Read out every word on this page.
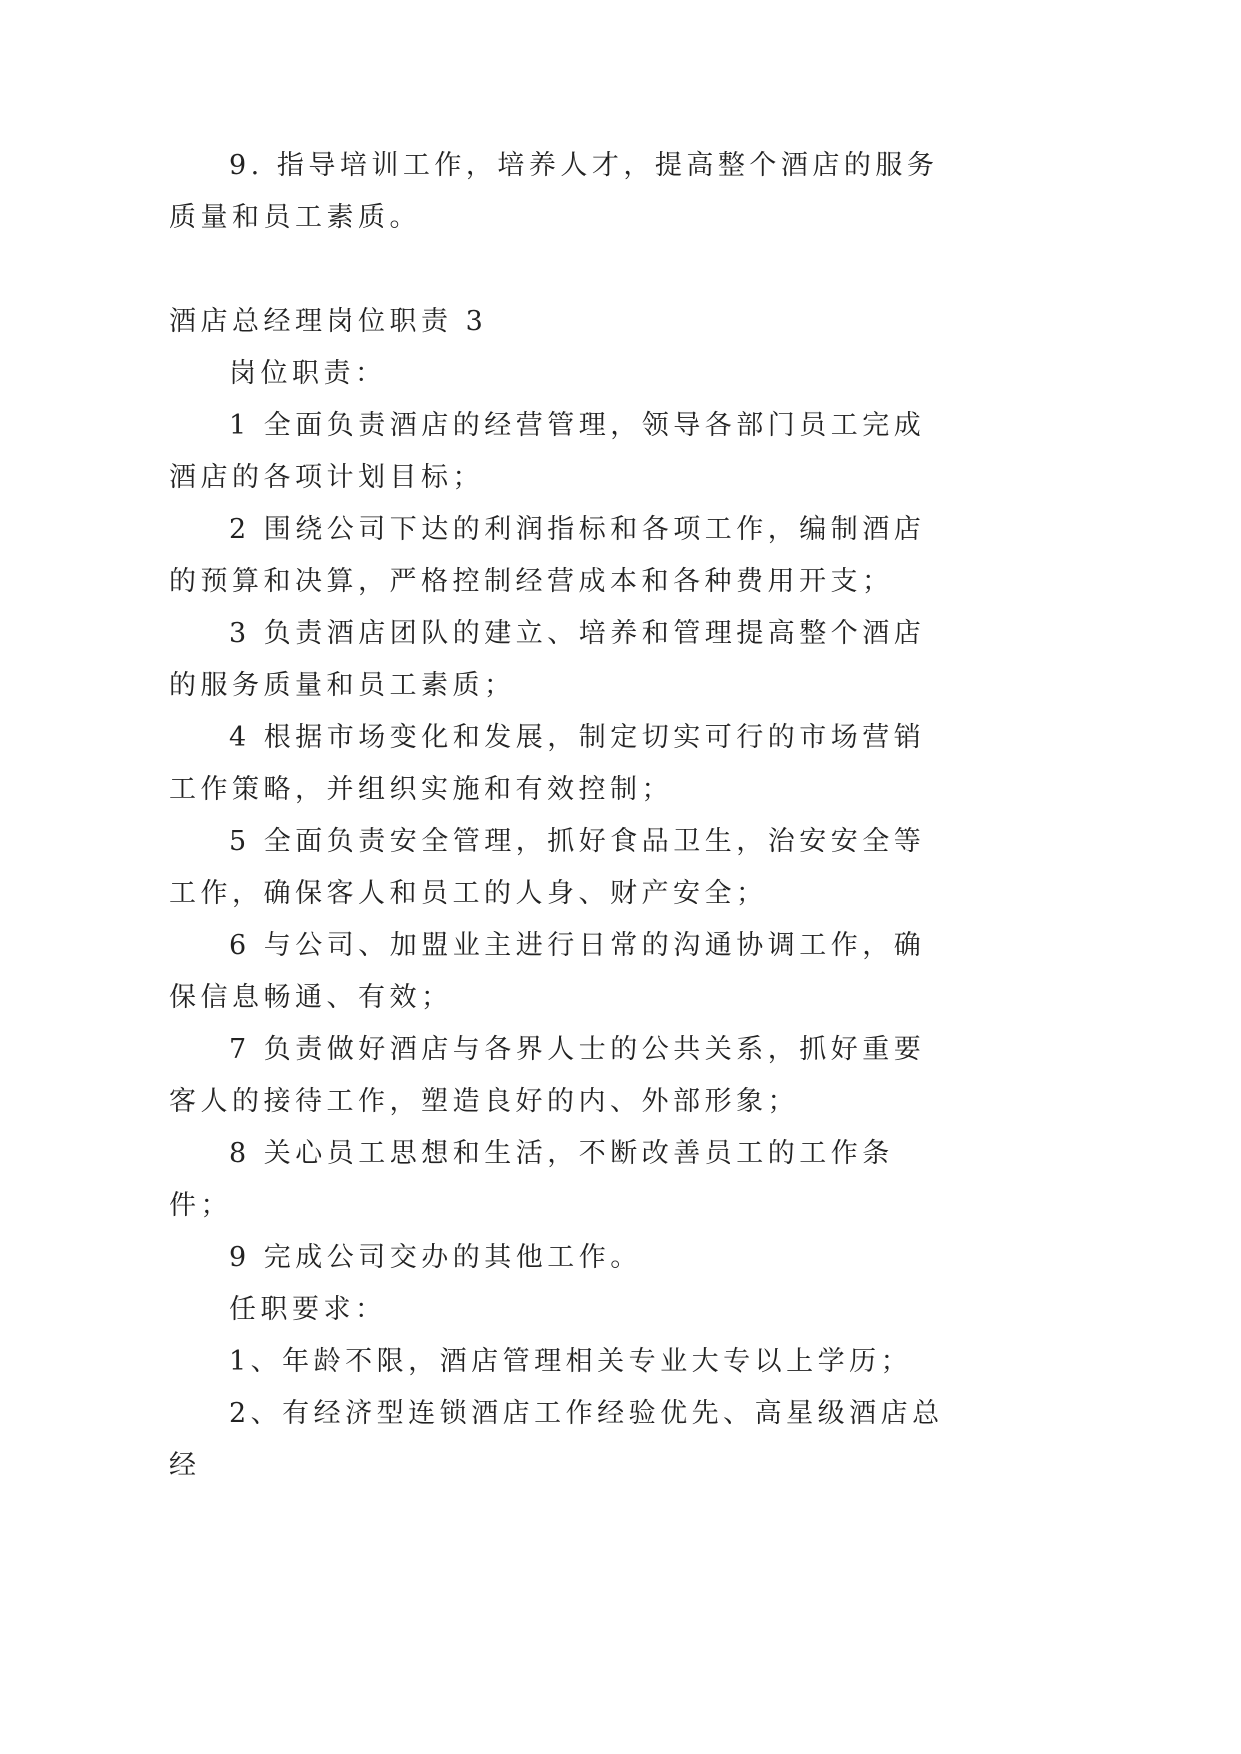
9. 指导培训工作，培养人才，提高整个酒店的服务质量和员工素质。

酒店总经理岗位职责 3

岗位职责：

1 全面负责酒店的经营管理，领导各部门员工完成酒店的各项计划目标；

2 围绕公司下达的利润指标和各项工作，编制酒店的预算和决算，严格控制经营成本和各种费用开支；

3 负责酒店团队的建立、培养和管理提高整个酒店的服务质量和员工素质；

4 根据市场变化和发展，制定切实可行的市场营销工作策略，并组织实施和有效控制；

5 全面负责安全管理，抓好食品卫生，治安安全等工作，确保客人和员工的人身、财产安全；

6 与公司、加盟业主进行日常的沟通协调工作，确保信息畅通、有效；

7 负责做好酒店与各界人士的公共关系，抓好重要客人的接待工作，塑造良好的内、外部形象；

8 关心员工思想和生活，不断改善员工的工作条件；

9 完成公司交办的其他工作。

任职要求：

1、年龄不限，酒店管理相关专业大专以上学历；

2、有经济型连锁酒店工作经验优先、高星级酒店总经
